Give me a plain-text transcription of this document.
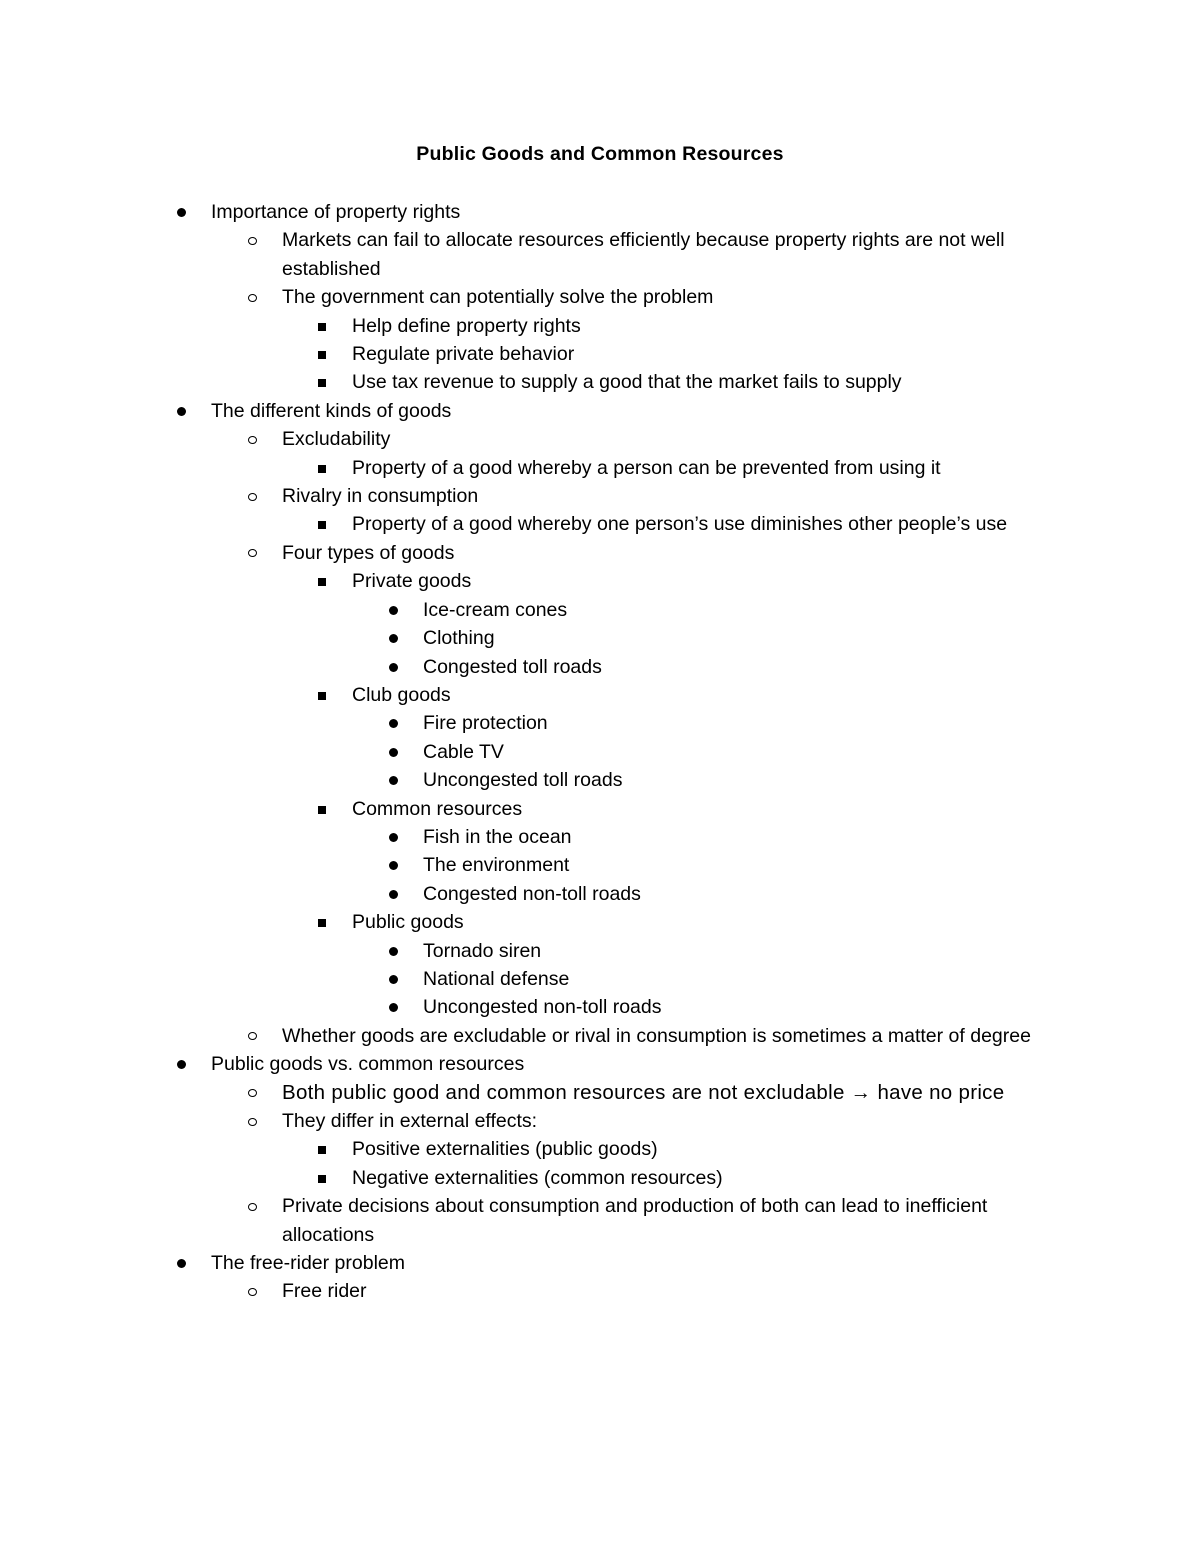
Public Goods and Common Resources
Importance of property rights
Markets can fail to allocate resources efficiently because property rights are not well established
The government can potentially solve the problem
Help define property rights
Regulate private behavior
Use tax revenue to supply a good that the market fails to supply
The different kinds of goods
Excludability
Property of a good whereby a person can be prevented from using it
Rivalry in consumption
Property of a good whereby one person’s use diminishes other people’s use
Four types of goods
Private goods
Ice-cream cones
Clothing
Congested toll roads
Club goods
Fire protection
Cable TV
Uncongested toll roads
Common resources
Fish in the ocean
The environment
Congested non-toll roads
Public goods
Tornado siren
National defense
Uncongested non-toll roads
Whether goods are excludable or rival in consumption is sometimes a matter of degree
Public goods vs. common resources
Both public good and common resources are not excludable → have no price
They differ in external effects:
Positive externalities (public goods)
Negative externalities (common resources)
Private decisions about consumption and production of both can lead to inefficient allocations
The free-rider problem
Free rider
